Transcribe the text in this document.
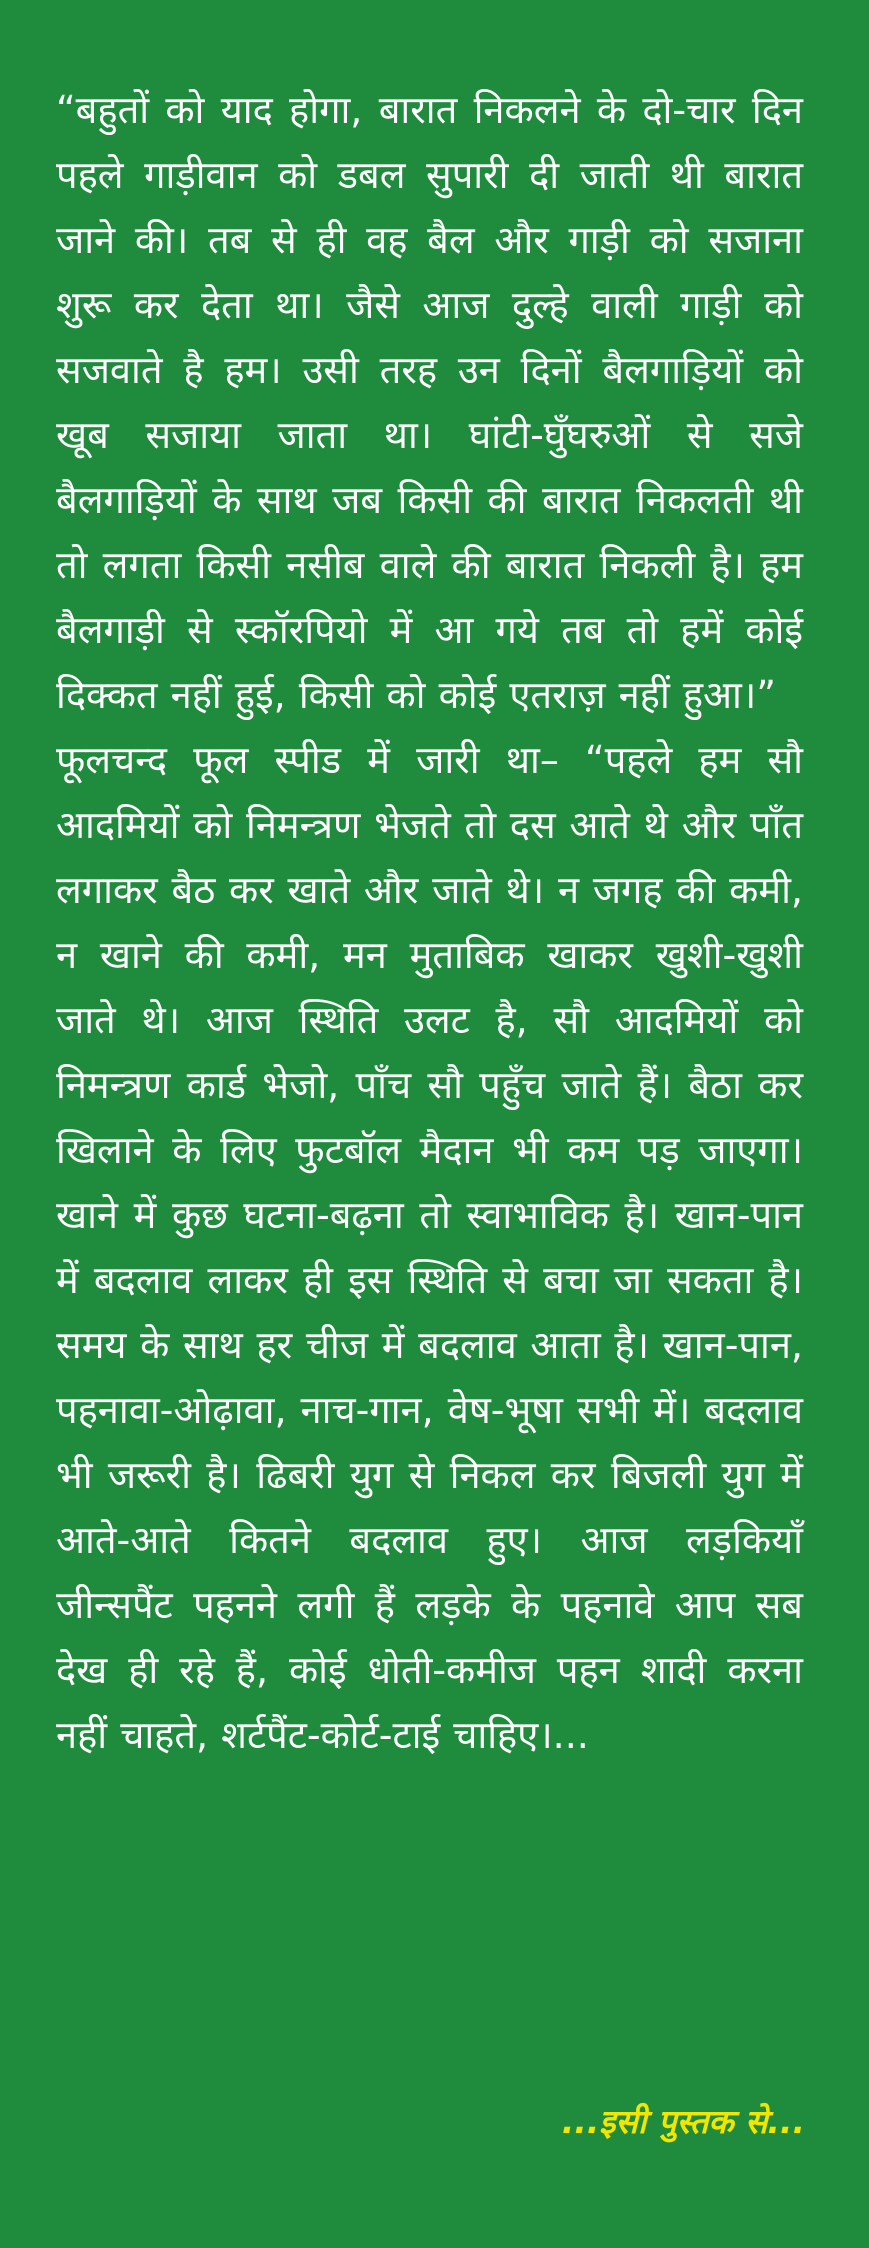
“बहुतों को याद होगा, बारात निकलने के दो-चार दिन पहले गाड़ीवान को डबल सुपारी दी जाती थी बारात जाने की। तब से ही वह बैल और गाड़ी को सजाना शुरू कर देता था। जैसे आज दुल्हे वाली गाड़ी को सजवाते है हम। उसी तरह उन दिनों बैलगाड़ियों को खूब सजाया जाता था। घांटी-घुँघरुओं से सजे बैलगाड़ियों के साथ जब किसी की बारात निकलती थी तो लगता किसी नसीब वाले की बारात निकली है। हम बैलगाड़ी से स्कॉरपियो में आ गये तब तो हमें कोई दिक्कत नहीं हुई, किसी को कोई एतराज़ नहीं हुआ।”

फूलचन्द फूल स्पीड में जारी था– “पहले हम सौ आदमियों को निमन्त्रण भेजते तो दस आते थे और पाँत लगाकर बैठ कर खाते और जाते थे। न जगह की कमी, न खाने की कमी, मन मुताबिक खाकर खुशी-खुशी जाते थे। आज स्थिति उलट है, सौ आदमियों को निमन्त्रण कार्ड भेजो, पाँच सौ पहुँच जाते हैं। बैठा कर खिलाने के लिए फुटबॉल मैदान भी कम पड़ जाएगा। खाने में कुछ घटना-बढ़ना तो स्वाभाविक है। खान-पान में बदलाव लाकर ही इस स्थिति से बचा जा सकता है। समय के साथ हर चीज में बदलाव आता है। खान-पान, पहनावा-ओढ़ावा, नाच-गान, वेष-भूषा सभी में। बदलाव भी जरूरी है। ढिबरी युग से निकल कर बिजली युग में आते-आते कितने बदलाव हुए। आज लड़कियाँ जीन्सपैंट पहनने लगी हैं लड़के के पहनावे आप सब देख ही रहे हैं, कोई धोती-कमीज पहन शादी करना नहीं चाहते, शर्टपैंट-कोर्ट-टाई चाहिए।...

...इसी पुस्तक से...
